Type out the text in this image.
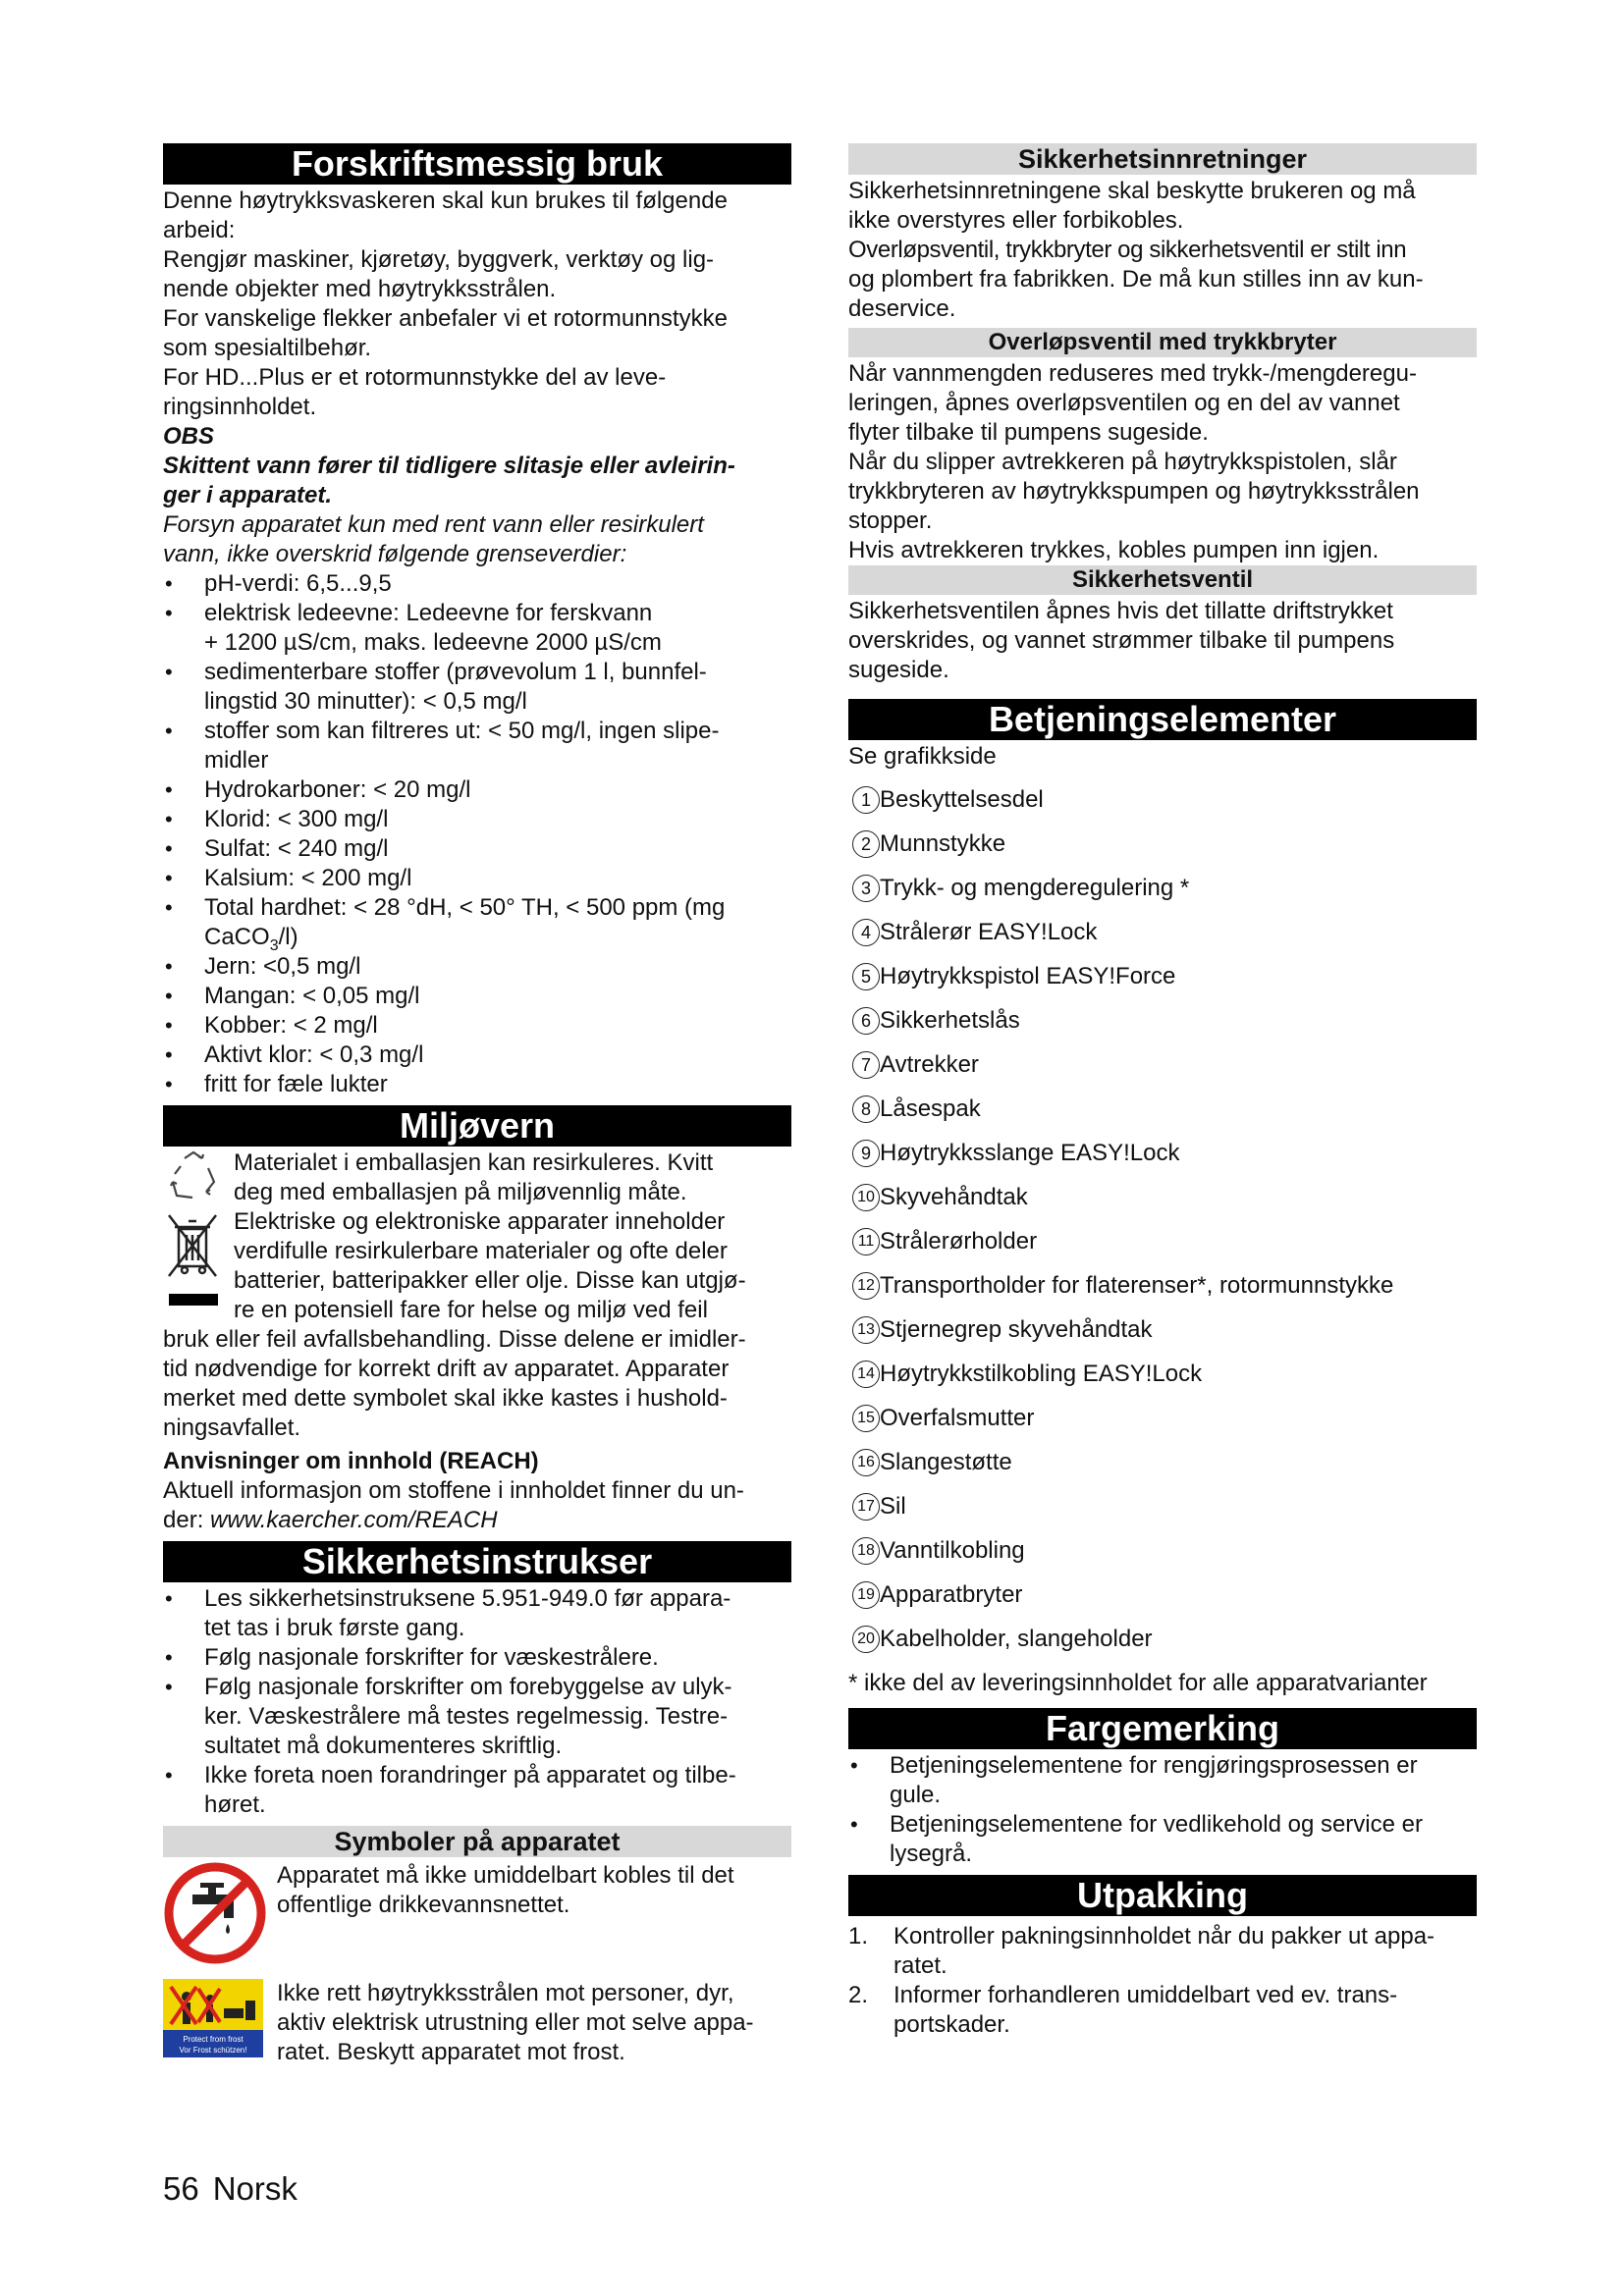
Forskriftsmessig bruk

Denne høytrykksvaskeren skal kun brukes til følgende

arbeid:

Rengjør maskiner, kjøretøy, byggverk, verktøy og lig-

nende objekter med høytrykksstrålen.

For vanskelige flekker anbefaler vi et rotormunnstykke

som spesialtilbehør.

For HD...Plus er et rotormunnstykke del av leve-

ringsinnholdet.

OBS

Skittent vann fører til tidligere slitasje eller avleirin-

ger i apparatet.

Forsyn apparatet kun med rent vann eller resirkulert

vann, ikke overskrid følgende grenseverdier:

• pH-verdi: 6,5...9,5
• elektrisk ledeevne: Ledeevne for ferskvann
+ 1200 µS/cm, maks. ledeevne 2000 µS/cm
• sedimenterbare stoffer (prøvevolum 1 l, bunnfel-
lingstid 30 minutter): < 0,5 mg/l
• stoffer som kan filtreres ut: < 50 mg/l, ingen slipe-
midler
• Hydrokarboner: < 20 mg/l
• Klorid: < 300 mg/l
• Sulfat: < 240 mg/l
• Kalsium: < 200 mg/l
• Total hardhet: < 28 °dH, < 50° TH, < 500 ppm (mg
CaCO$_3$/l)
• Jern: <0,5 mg/l
• Mangan: < 0,05 mg/l
• Kobber: < 2 mg/l
• Aktivt klor: < 0,3 mg/l
• fritt for fæle lukter
Miljøvern

Materialet i emballasjen kan resirkuleres. Kvitt

deg med emballasjen på miljøvennlig måte.

Elektriske og elektroniske apparater inneholder

verdifulle resirkulerbare materialer og ofte deler

batterier, batteripakker eller olje. Disse kan utgjø-

re en potensiell fare for helse og miljø ved feil

bruk eller feil avfallsbehandling. Disse delene er imidler-

tid nødvendige for korrekt drift av apparatet. Apparater

merket med dette symbolet skal ikke kastes i hushold-

ningsavfallet.

Anvisninger om innhold (REACH)

Aktuell informasjon om stoffene i innholdet finner du un-

der: www.kaercher.com/REACH

Sikkerhetsinstrukser
• Les sikkerhetsinstruksene 5.951-949.0 før appara-
tet tas i bruk første gang.
• Følg nasjonale forskrifter for væskestrålere.
• Følg nasjonale forskrifter om forebyggelse av ulyk-
ker. Væskestrålere må testes regelmessig. Testre-
sultatet må dokumenteres skriftlig.
• Ikke foreta noen forandringer på apparatet og tilbe-
høret.
Symboler på apparatet

Apparatet må ikke umiddelbart kobles til det

offentlige drikkevannsnettet.

Protect from frost
Vor Frost schützen!

Ikke rett høytrykksstrålen mot personer, dyr,

aktiv elektrisk utrustning eller mot selve appa-

ratet. Beskytt apparatet mot frost.

Sikkerhetsinnretninger

Sikkerhetsinnretningene skal beskytte brukeren og må

ikke overstyres eller forbikobles.

Overløpsventil, trykkbryter og sikkerhetsventil er stilt inn

og plombert fra fabrikken. De må kun stilles inn av kun-

deservice.

Overløpsventil med trykkbryter

Når vannmengden reduseres med trykk-/mengderegu-

leringen, åpnes overløpsventilen og en del av vannet

flyter tilbake til pumpens sugeside.

Når du slipper avtrekkeren på høytrykkspistolen, slår

trykkbryteren av høytrykkspumpen og høytrykksstrålen

stopper.

Hvis avtrekkeren trykkes, kobles pumpen inn igjen.

Sikkerhetsventil

Sikkerhetsventilen åpnes hvis det tillatte driftstrykket

overskrides, og vannet strømmer tilbake til pumpens

sugeside.

Betjeningselementer

Se grafikkside

1 Beskyttelsesdel
2 Munnstykke
3 Trykk- og mengderegulering *
4 Strålerør EASY!Lock
5 Høytrykkspistol EASY!Force
6 Sikkerhetslås
7 Avtrekker
8 Låsespak
9 Høytrykksslange EASY!Lock
10 Skyvehåndtak
11 Strålerørholder
12 Transportholder for flaterenser*, rotormunnstykke
13 Stjernegrep skyvehåndtak
14 Høytrykkstilkobling EASY!Lock
15 Overfalsmutter
16 Slangestøtte
17 Sil
18 Vanntilkobling
19 Apparatbryter
20 Kabelholder, slangeholder

* ikke del av leveringsinnholdet for alle apparatvarianter

Fargemerking
• Betjeningselementene for rengjøringsprosessen er
gule.
• Betjeningselementene for vedlikehold og service er
lysegrå.
Utpakking
1. Kontroller pakningsinnholdet når du pakker ut appa-
ratet.
2. Informer forhandleren umiddelbart ved ev. trans-
portskader.
56 Norsk
